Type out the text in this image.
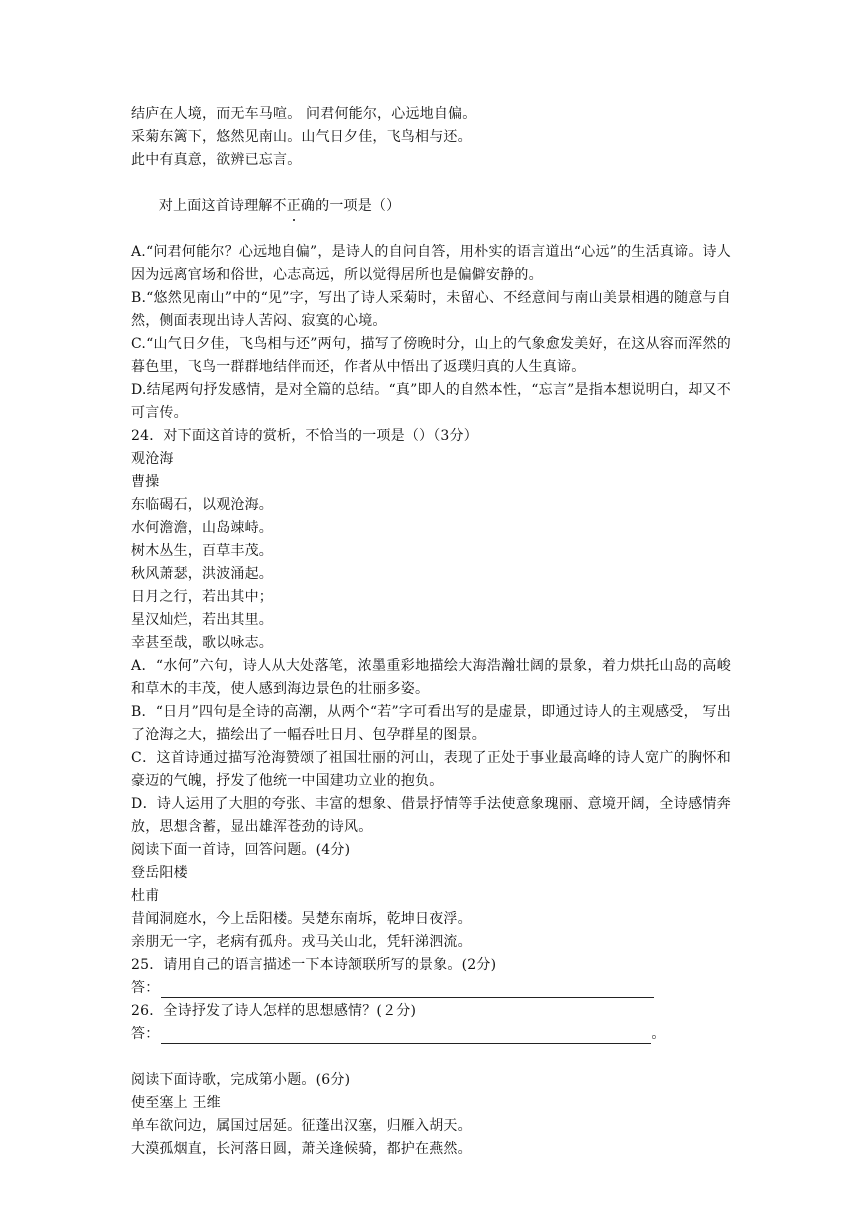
结庐在人境，而无车马喧。 问君何能尔，心远地自偏。
采菊东篱下，悠然见南山。山气日夕佳，飞鸟相与还。
此中有真意，欲辨已忘言。

对上面这首诗理解不正确的一项是（）

A.“问君何能尔？心远地自偏”，是诗人的自问自答，用朴实的语言道出“心远”的生活真谛。诗人因为远离官场和俗世，心志高远，所以觉得居所也是偏僻安静的。
B.“悠然见南山”中的“见”字，写出了诗人采菊时，未留心、不经意间与南山美景相遇的随意与自然，侧面表现出诗人苦闷、寂寞的心境。
C.“山气日夕佳，飞鸟相与还”两句，描写了傍晚时分，山上的气象愈发美好，在这从容而浑然的暮色里，飞鸟一群群地结伴而还，作者从中悟出了返璞归真的人生真谛。
D.结尾两句抒发感情，是对全篇的总结。“真”即人的自然本性，“忘言”是指本想说明白，却又不可言传。
24．对下面这首诗的赏析，不恰当的一项是（）（3分）
观沧海
曹操
东临碣石，以观沧海。
水何澹澹，山岛竦峙。
树木丛生，百草丰茂。
秋风萧瑟，洪波涌起。
日月之行，若出其中；
星汉灿烂，若出其里。
幸甚至哉，歌以咏志。
A．“水何”六句，诗人从大处落笔，浓墨重彩地描绘大海浩瀚壮阔的景象，着力烘托山岛的高峻和草木的丰茂，使人感到海边景色的壮丽多姿。
B．“日月”四句是全诗的高潮，从两个“若”字可看出写的是虚景，即通过诗人的主观感受， 写出了沧海之大，描绘出了一幅吞吐日月、包孕群星的图景。
C．这首诗通过描写沧海赞颂了祖国壮丽的河山，表现了正处于事业最高峰的诗人宽广的胸怀和豪迈的气魄，抒发了他统一中国建功立业的抱负。
D．诗人运用了大胆的夸张、丰富的想象、借景抒情等手法使意象瑰丽、意境开阔，全诗感情奔放，思想含蓄，显出雄浑苍劲的诗风。
阅读下面一首诗，回答问题。(4分)
登岳阳楼
杜甫
昔闻洞庭水，今上岳阳楼。吴楚东南坼，乾坤日夜浮。
亲朋无一字，老病有孤舟。戎马关山北，凭轩涕泗流。
25．请用自己的语言描述一下本诗颔联所写的景象。(2分)
答：
26．全诗抒发了诗人怎样的思想感情？(２分)
答：	。
阅读下面诗歌，完成第小题。(6分)
使至塞上 王维
单车欲问边，属国过居延。征蓬出汉塞，归雁入胡天。
大漠孤烟直，长河落日圆，萧关逢候骑，都护在燕然。
